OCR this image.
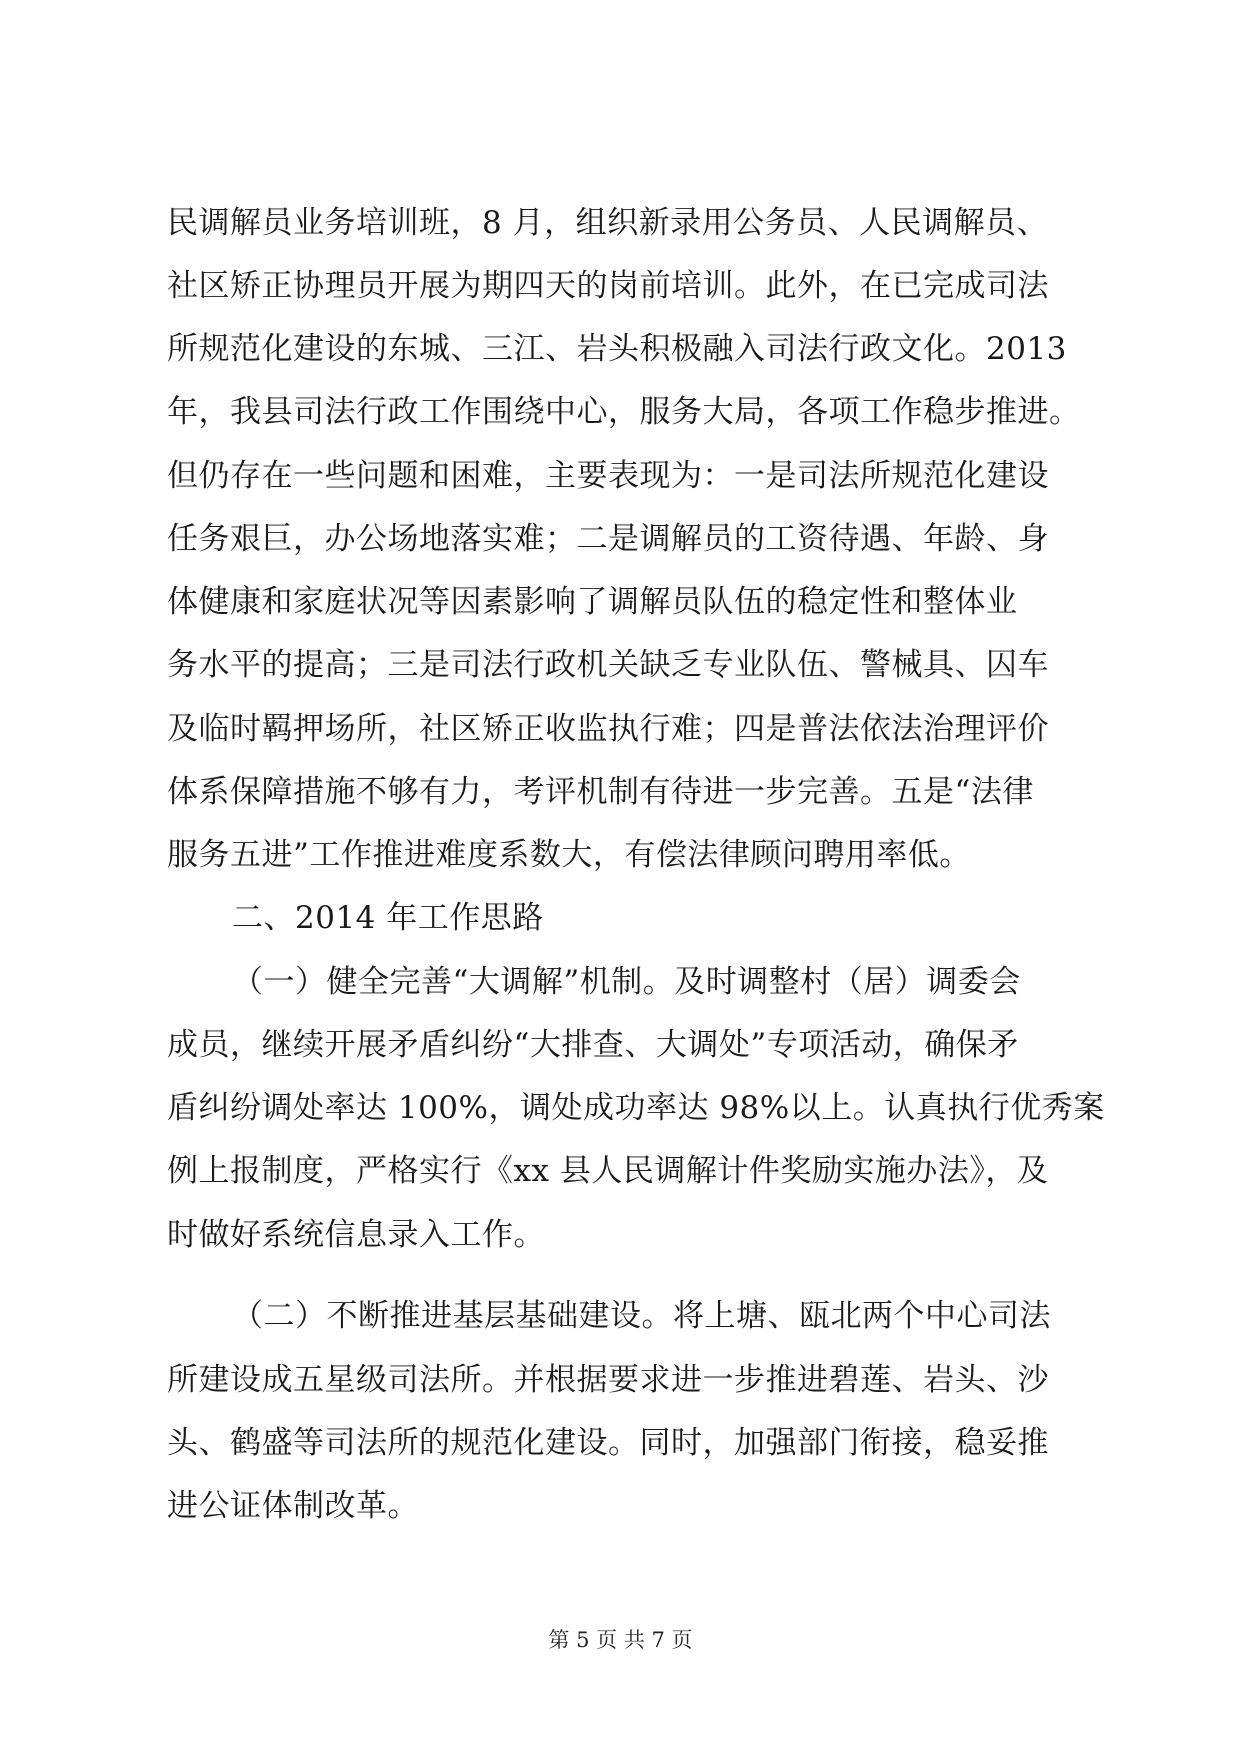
民调解员业务培训班，8 月，组织新录用公务员、人民调解员、
社区矫正协理员开展为期四天的岗前培训。此外，在已完成司法
所规范化建设的东城、三江、岩头积极融入司法行政文化。2013
年，我县司法行政工作围绕中心，服务大局，各项工作稳步推进。
但仍存在一些问题和困难，主要表现为：一是司法所规范化建设
任务艰巨，办公场地落实难；二是调解员的工资待遇、年龄、身
体健康和家庭状况等因素影响了调解员队伍的稳定性和整体业
务水平的提高；三是司法行政机关缺乏专业队伍、警械具、囚车
及临时羁押场所，社区矫正收监执行难；四是普法依法治理评价
体系保障措施不够有力，考评机制有待进一步完善。五是“法律
服务五进”工作推进难度系数大，有偿法律顾问聘用率低。
二、2014 年工作思路
（一）健全完善“大调解”机制。及时调整村（居）调委会
成员，继续开展矛盾纠纷“大排查、大调处”专项活动，确保矛
盾纠纷调处率达 100%，调处成功率达 98%以上。认真执行优秀案
例上报制度，严格实行《xx 县人民调解计件奖励实施办法》，及
时做好系统信息录入工作。
（二）不断推进基层基础建设。将上塘、瓯北两个中心司法
所建设成五星级司法所。并根据要求进一步推进碧莲、岩头、沙
头、鹤盛等司法所的规范化建设。同时，加强部门衔接，稳妥推
进公证体制改革。
第 5 页 共 7 页
